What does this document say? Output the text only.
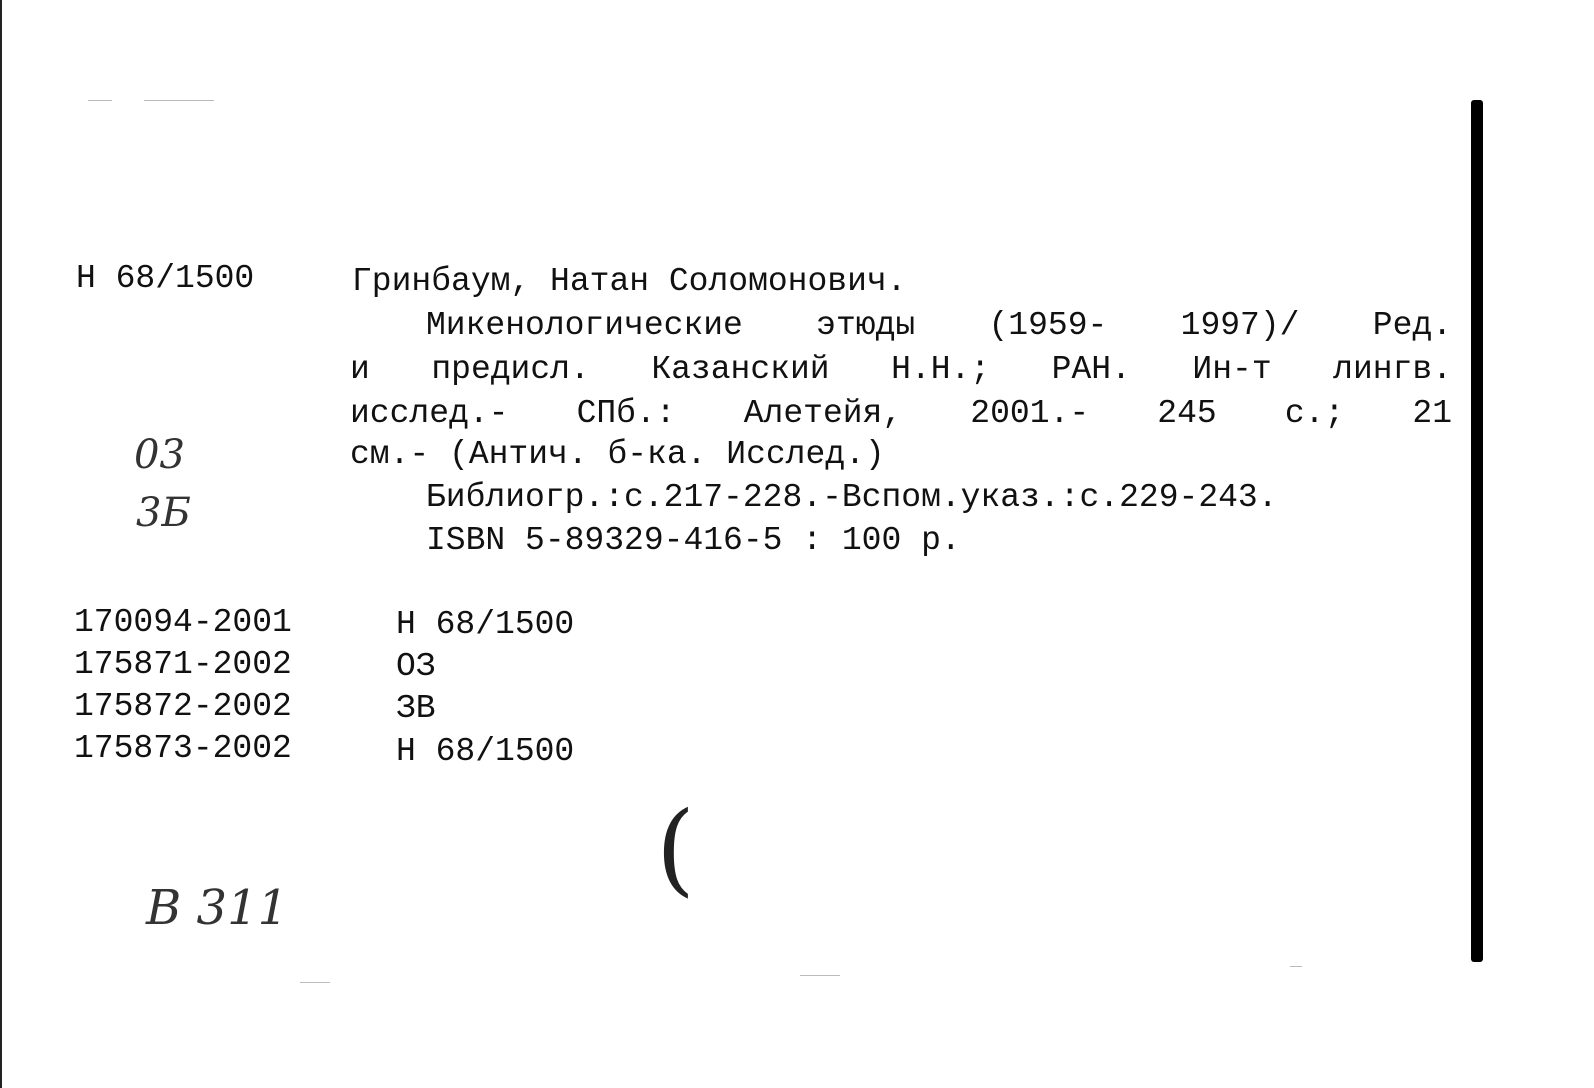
Н 68/1500	Гринбаум, Натан Соломонович.
Микенологические этюды (1959- 1997)/ Ред.
и предисл. Казанский Н.Н.; РАН. Ин-т лингв.
исслед.- СПб.: Алетейя, 2001.- 245 с.; 21
см.- (Антич. б-ка. Исслед.)
Библиогр.:с.217-228.-Вспом.указ.:с.229-243.
ISBN 5-89329-416-5 : 100 р.
03
3Б
(
В 311
170094-2001	Н 68/1500
175871-2002	ОЗ
175872-2002	ЗВ
175873-2002	Н 68/1500
